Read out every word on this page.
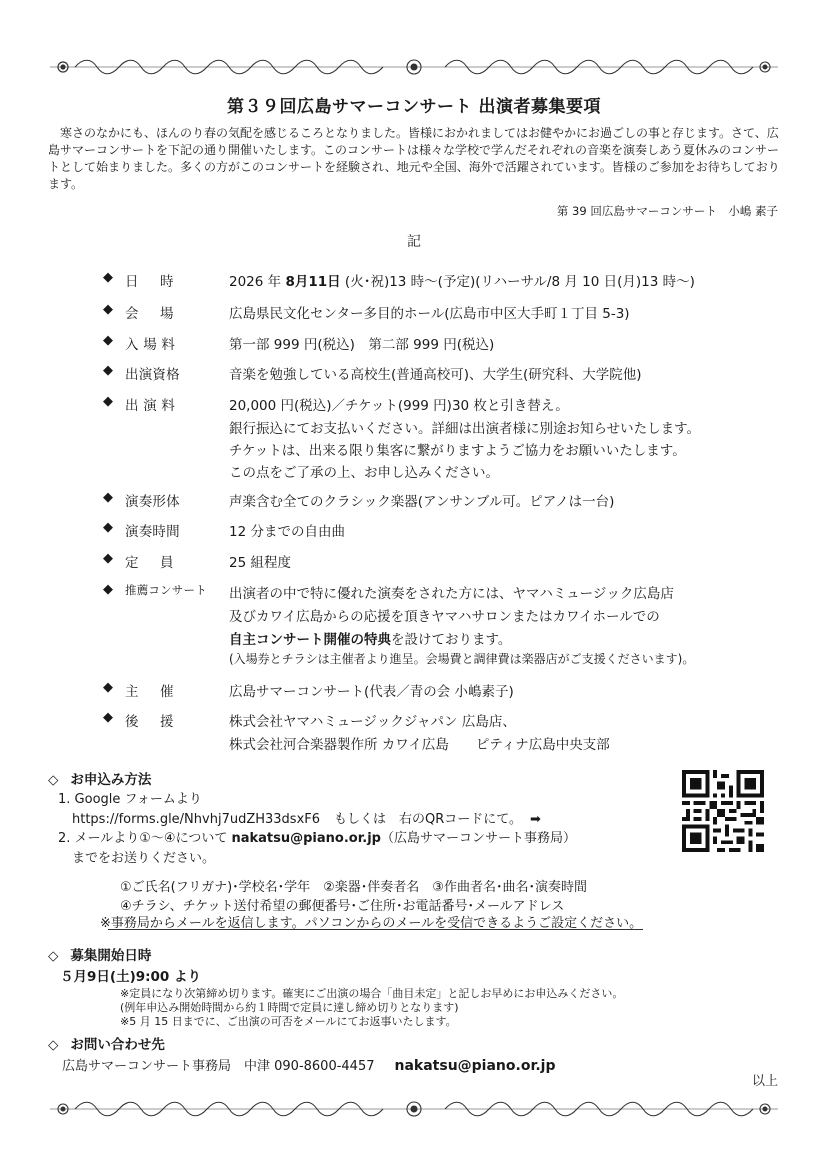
第３９回広島サマーコンサート 出演者募集要項

寒さのなかにも、ほんのり春の気配を感じるころとなりました。皆様におかれましてはお健やかにお過ごしの事と存じます。さて、広島サマーコンサートを下記の通り開催いたします。このコンサートは様々な学校で学んだそれぞれの音楽を演奏しあう夏休みのコンサートとして始まりました。多くの方がこのコンサートを経験され、地元や全国、海外で活躍されています。皆様のご参加をお待ちしております。

第 39 回広島サマーコンサート　小嶋 素子
記
◆ 日　時	2026 年 8月11日 (火･祝)13 時～(予定)(リハーサル/8 月 10 日(月)13 時～)
◆ 会　場	広島県民文化センター多目的ホール(広島市中区大手町１丁目 5-3)
◆ 入 場 料	第一部 999 円(税込)　第二部 999 円(税込)
◆ 出演資格	音楽を勉強している高校生(普通高校可)、大学生(研究科、大学院他)
◆ 出 演 料	20,000 円(税込)／チケット(999 円)30 枚と引き替え。
銀行振込にてお支払いください。詳細は出演者様に別途お知らせいたします。
チケットは、出来る限り集客に繋がりますようご協力をお願いいたします。
この点をご了承の上、お申し込みください。
◆ 演奏形体	声楽含む全てのクラシック楽器(アンサンブル可。ピアノは一台)
◆ 演奏時間	12 分までの自由曲
◆ 定　員	25 組程度
◆ 推薦コンサート 出演者の中で特に優れた演奏をされた方には、ヤマハミュージック広島店
及びカワイ広島からの応援を頂きヤマハサロンまたはカワイホールでの
自主コンサート開催の特典を設けております。
(入場券とチラシは主催者より進呈。会場費と調律費は楽器店がご支援くださいます)。
◆ 主　催	広島サマーコンサート(代表／青の会 小嶋素子)
◆ 後　援	株式会社ヤマハミュージックジャパン 広島店、
株式会社河合楽器製作所 カワイ広島　　ピティナ広島中央支部
◇ お申込み方法
1. Google フォームより
https://forms.gle/Nhvhj7udZH33dsxF6 もしくは　右のQRコードにて。 ➡
2. メールより①～④について nakatsu@piano.or.jp（広島サマーコンサート事務局）
までをお送りください。
①ご氏名(フリガナ)･学校名･学年　②楽器･伴奏者名　③作曲者名･曲名･演奏時間
④チラシ、チケット送付希望の郵便番号･ご住所･お電話番号･メールアドレス
※事務局からメールを返信します。パソコンからのメールを受信できるようご設定ください。
◇ 募集開始日時
５月9日(土)9:00 より
※定員になり次第締め切ります。確実にご出演の場合「曲目未定」と記しお早めにお申込みください。
(例年申込み開始時間から約１時間で定員に達し締め切りとなります)
※5 月 15 日までに、ご出演の可否をメールにてお返事いたします。
◇ お問い合わせ先
広島サマーコンサート事務局　中津 090-8600-4457 nakatsu@piano.or.jp
以上
